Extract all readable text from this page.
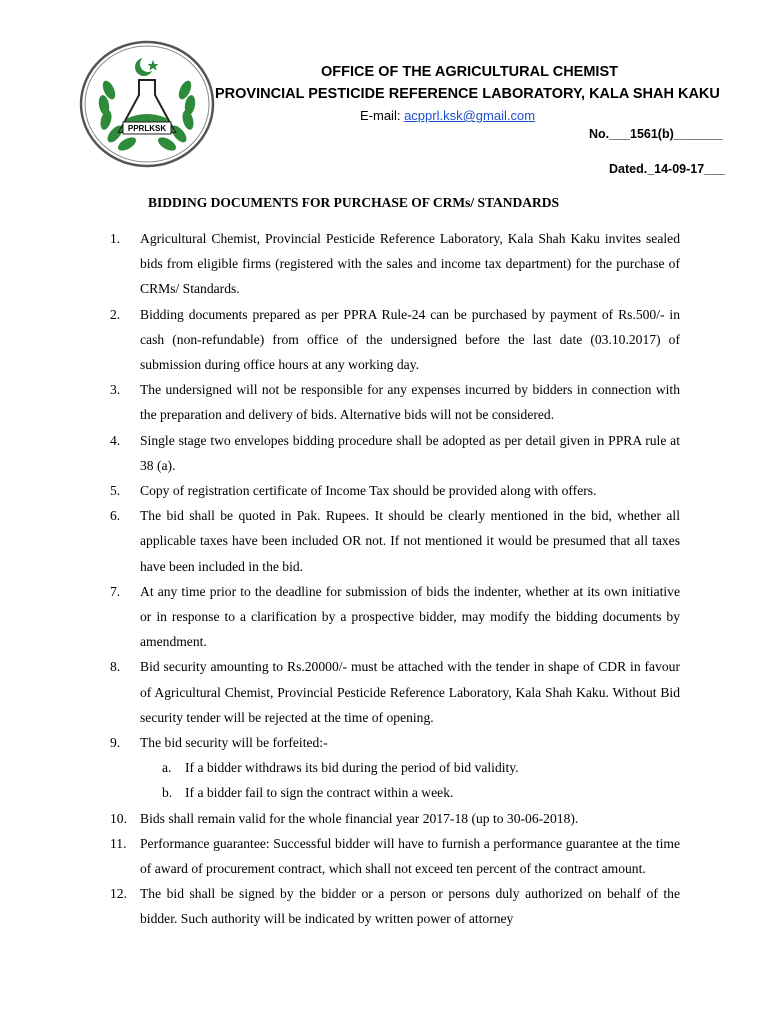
PPRLKSK
OFFICE OF THE AGRICULTURAL CHEMIST
PROVINCIAL PESTICIDE REFERENCE LABORATORY, KALA SHAH KAKU
E-mail: acpprl.ksk@gmail.com
No.___1561(b)_______
Dated._14-09-17___
BIDDING DOCUMENTS FOR PURCHASE OF CRMs/ STANDARDS
1.	Agricultural Chemist, Provincial Pesticide Reference Laboratory, Kala Shah Kaku invites sealed bids from eligible firms (registered with the sales and income tax department) for the purchase of CRMs/ Standards.
2.	Bidding documents prepared as per PPRA Rule-24 can be purchased by payment of Rs.500/- in cash (non-refundable) from office of the undersigned before the last date (03.10.2017) of submission during office hours at any working day.
3.	The undersigned will not be responsible for any expenses incurred by bidders in connection with the preparation and delivery of bids. Alternative bids will not be considered.
4.	Single stage two envelopes bidding procedure shall be adopted as per detail given in PPRA rule at 38 (a).
5.	Copy of registration certificate of Income Tax should be provided along with offers.
6.	The bid shall be quoted in Pak. Rupees. It should be clearly mentioned in the bid, whether all applicable taxes have been included OR not. If not mentioned it would be presumed that all taxes have been included in the bid.
7.	At any time prior to the deadline for submission of bids the indenter, whether at its own initiative or in response to a clarification by a prospective bidder, may modify the bidding documents by amendment.
8.	Bid security amounting to Rs.20000/- must be attached with the tender in shape of CDR in favour of Agricultural Chemist, Provincial Pesticide Reference Laboratory, Kala Shah Kaku. Without Bid security tender will be rejected at the time of opening.
9.	The bid security will be forfeited:-
a. If a bidder withdraws its bid during the period of bid validity.
b. If a bidder fail to sign the contract within a week.
10. Bids shall remain valid for the whole financial year 2017-18 (up to 30-06-2018).
11. Performance guarantee: Successful bidder will have to furnish a performance guarantee at the time of award of procurement contract, which shall not exceed ten percent of the contract amount.
12. The bid shall be signed by the bidder or a person or persons duly authorized on behalf of the bidder. Such authority will be indicated by written power of attorney
